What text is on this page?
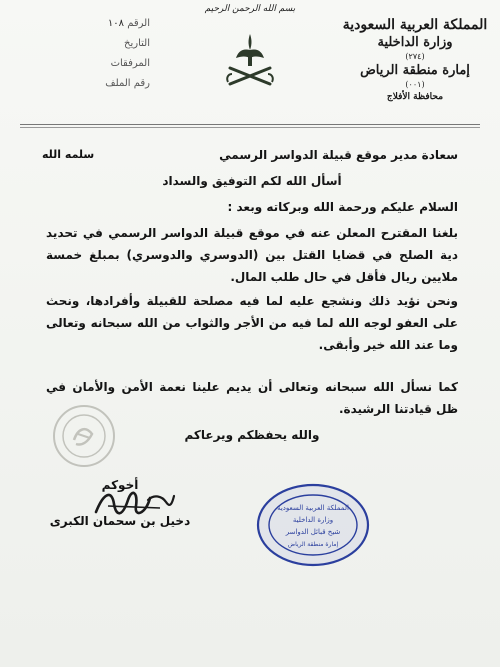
بسم الله الرحمن الرحيم
المملكة العربية السعودية
وزارة الداخلية
(٢٧٤)
إمارة منطقة الرياض
(٠٠١)
محافظة الأفلاج
الرقم ١٠٨
التاريخ
المرفقات
رقم الملف
سعادة مدير موقع قبيلة الدواسر الرسمي
سلمه الله
أسأل الله لكم التوفيق والسداد
السلام عليكم ورحمة الله وبركاته وبعد :
بلغنا المقترح المعلن عنه في موقع قبيلة الدواسر الرسمي في تحديد دية الصلح في قضايا القتل بين (الدوسري والدوسري) بمبلغ خمسة ملايين ريال فأقل في حال طلب المال.
ونحن نؤيد ذلك ونشجع عليه لما فيه مصلحة للقبيلة وأفرادها، ونحث على العفو لوجه الله لما فيه من الأجر والثواب من الله سبحانه وتعالى وما عند الله خير وأبقى.
كما نسأل الله سبحانه وتعالى أن يديم علينا نعمة الأمن والأمان في ظل قيادتنا الرشيدة.
والله يحفظكم ويرعاكم
أخوكم
دخيل بن سحمان الكبرى
المملكة العربية السعودية
وزارة الداخلية
شيخ قبائل الدواسر
إمارة منطقة الرياض
